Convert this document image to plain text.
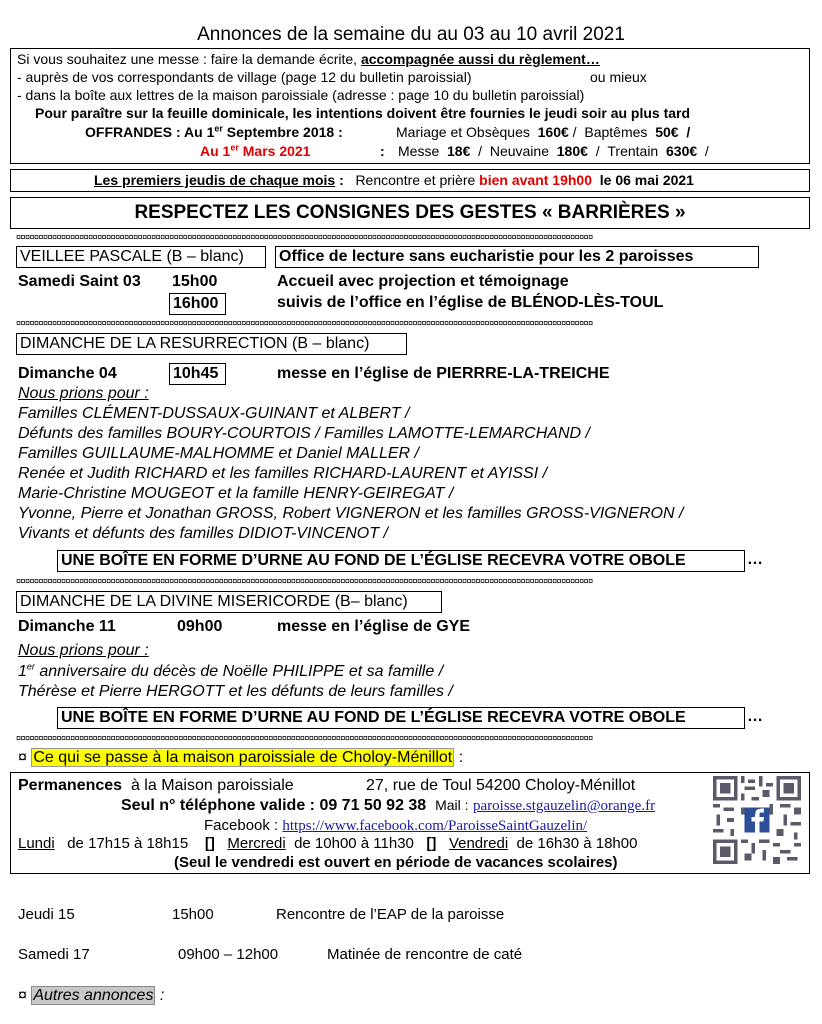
Annonces de la semaine du au 03 au 10 avril 2021
Si vous souhaitez une messe : faire la demande écrite, accompagnée aussi du règlement…
- auprès de vos correspondants de village (page 12 du bulletin paroissial)	ou mieux
- dans la boîte aux lettres de la maison paroissiale (adresse : page 10 du bulletin paroissial)
Pour paraître sur la feuille dominicale, les intentions doivent être fournies le jeudi soir au plus tard
OFFRANDES : Au 1er Septembre 2018 :	Mariage et Obsèques 160€ /  Baptêmes 50€ /
Au 1er Mars 2021	: Messe 18€  /  Neuvaine 180€  /  Trentain 630€  /
Les premiers jeudis de chaque mois : Rencontre et prière bien avant 19h00 le 06 mai 2021
RESPECTEZ LES CONSIGNES DES GESTES « BARRIÈRES »
¤¤¤¤¤¤¤¤¤¤¤¤¤¤¤¤¤¤¤¤¤¤¤¤¤¤¤¤¤¤¤¤¤¤¤¤¤¤¤¤¤¤¤¤¤¤¤¤¤¤¤¤¤¤¤¤¤¤¤¤¤¤¤¤¤¤¤¤¤¤¤¤¤¤¤¤¤¤¤¤¤¤¤¤¤¤¤¤¤¤¤¤¤¤¤¤¤¤¤¤¤¤¤¤¤¤¤¤¤¤¤¤¤¤¤¤¤¤¤¤¤¤¤¤¤¤¤¤
VEILLEE PASCALE (B – blanc)	Office de lecture sans eucharistie pour les 2 paroisses
Samedi Saint 03 15h00	Accueil avec projection et témoignage
16h00	suivis de l’office en l’église de BLÉNOD-LÈS-TOUL
¤¤¤¤¤¤¤¤¤¤¤¤¤¤¤¤¤¤¤¤¤¤¤¤¤¤¤¤¤¤¤¤¤¤¤¤¤¤¤¤¤¤¤¤¤¤¤¤¤¤¤¤¤¤¤¤¤¤¤¤¤¤¤¤¤¤¤¤¤¤¤¤¤¤¤¤¤¤¤¤¤¤¤¤¤¤¤¤¤¤¤¤¤¤¤¤¤¤¤¤¤¤¤¤¤¤¤¤¤¤¤¤¤¤¤¤¤¤¤¤¤¤¤¤¤¤¤¤
DIMANCHE DE LA RESURRECTION (B – blanc)
Dimanche 04	10h45	messe en l’église de PIERRRE-LA-TREICHE
Nous prions pour :
Familles CLÉMENT-DUSSAUX-GUINANT et ALBERT /
Défunts des familles BOURY-COURTOIS / Familles LAMOTTE-LEMARCHAND /
Familles GUILLAUME-MALHOMME et Daniel MALLER /
Renée et Judith RICHARD et les familles RICHARD-LAURENT et AYISSI /
Marie-Christine MOUGEOT et la famille HENRY-GEIREGAT /
Yvonne, Pierre et Jonathan GROSS, Robert VIGNERON et les familles GROSS-VIGNERON /
Vivants et défunts des familles DIDIOT-VINCENOT /
UNE BOÎTE EN FORME D’URNE AU FOND DE L’ÉGLISE RECEVRA VOTRE OBOLE	…
¤¤¤¤¤¤¤¤¤¤¤¤¤¤¤¤¤¤¤¤¤¤¤¤¤¤¤¤¤¤¤¤¤¤¤¤¤¤¤¤¤¤¤¤¤¤¤¤¤¤¤¤¤¤¤¤¤¤¤¤¤¤¤¤¤¤¤¤¤¤¤¤¤¤¤¤¤¤¤¤¤¤¤¤¤¤¤¤¤¤¤¤¤¤¤¤¤¤¤¤¤¤¤¤¤¤¤¤¤¤¤¤¤¤¤¤¤¤¤¤¤¤¤¤¤¤¤¤
DIMANCHE DE LA DIVINE MISERICORDE (B– blanc)
Dimanche 11	09h00	messe en l’église de GYE
Nous prions pour :
1er anniversaire du décès de Noëlle PHILIPPE et sa famille /
Thérèse et Pierre HERGOTT et les défunts de leurs familles /
UNE BOÎTE EN FORME D’URNE AU FOND DE L’ÉGLISE RECEVRA VOTRE OBOLE	…
¤¤¤¤¤¤¤¤¤¤¤¤¤¤¤¤¤¤¤¤¤¤¤¤¤¤¤¤¤¤¤¤¤¤¤¤¤¤¤¤¤¤¤¤¤¤¤¤¤¤¤¤¤¤¤¤¤¤¤¤¤¤¤¤¤¤¤¤¤¤¤¤¤¤¤¤¤¤¤¤¤¤¤¤¤¤¤¤¤¤¤¤¤¤¤¤¤¤¤¤¤¤¤¤¤¤¤¤¤¤¤¤¤¤¤¤¤¤¤¤¤¤¤¤¤¤¤¤
¤ Ce qui se passe à la maison paroissiale de Choloy-Ménillot :
Permanences à la Maison paroissiale	27, rue de Toul 54200 Choloy-Ménillot
Seul n° téléphone valide : 09 71 50 92 38 Mail : paroisse.stgauzelin@orange.fr
Facebook : https://www.facebook.com/ParoisseSaintGauzelin/
Lundi de 17h15 à 18h15 [] Mercredi de 10h00 à 11h30 [] Vendredi de 16h30 à 18h00
(Seul le vendredi est ouvert en période de vacances scolaires)
Jeudi 15	15h00	Rencontre de l’EAP de la paroisse
Samedi 17	09h00 – 12h00	Matinée de rencontre de caté
¤ Autres annonces :
